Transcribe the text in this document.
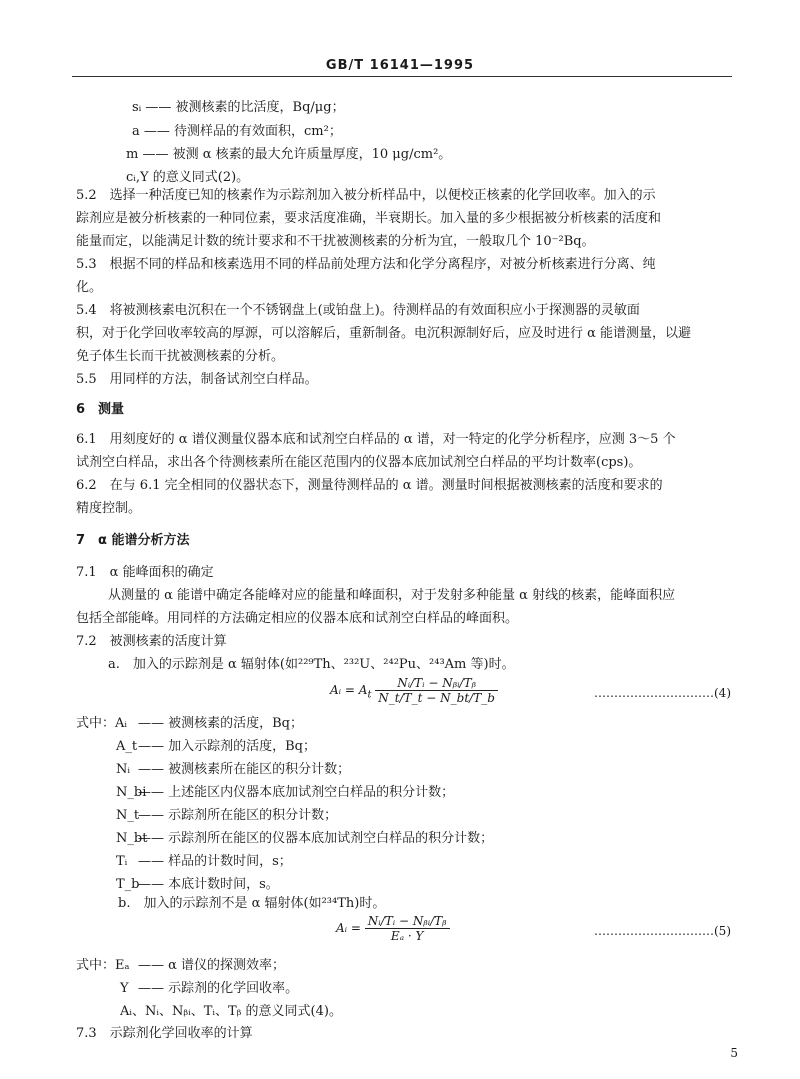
GB/T 16141—1995
sᵢ —— 被测核素的比活度，Bq/μg；
a —— 待测样品的有效面积，cm²；
m —— 被测 α 核素的最大允许质量厚度，10 μg/cm²。
cᵢ,Y 的意义同式(2)。
5.2　选择一种活度已知的核素作为示踪剂加入被分析样品中，以便校正核素的化学回收率。加入的示
踪剂应是被分析核素的一种同位素，要求活度准确，半衰期长。加入量的多少根据被分析核素的活度和
能量而定，以能满足计数的统计要求和不干扰被测核素的分析为宜，一般取几个 10⁻²Bq。
5.3　根据不同的样品和核素选用不同的样品前处理方法和化学分离程序，对被分析核素进行分离、纯
化。
5.4　将被测核素电沉积在一个不锈钢盘上(或铂盘上)。待测样品的有效面积应小于探测器的灵敏面
积，对于化学回收率较高的厚源，可以溶解后，重新制备。电沉积源制好后，应及时进行 α 能谱测量，以避
免子体生长而干扰被测核素的分析。
5.5　用同样的方法，制备试剂空白样品。
6　测量
6.1　用刻度好的 α 谱仪测量仪器本底和试剂空白样品的 α 谱，对一特定的化学分析程序，应测 3～5 个
试剂空白样品，求出各个待测核素所在能区范围内的仪器本底加试剂空白样品的平均计数率(cps)。
6.2　在与 6.1 完全相同的仪器状态下，测量待测样品的 α 谱。测量时间根据被测核素的活度和要求的
精度控制。
7　α 能谱分析方法
7.1　α 能峰面积的确定
从测量的 α 能谱中确定各能峰对应的能量和峰面积，对于发射多种能量 α 射线的核素，能峰面积应
包括全部能峰。用同样的方法确定相应的仪器本底和试剂空白样品的峰面积。
7.2　被测核素的活度计算
a.　加入的示踪剂是 α 辐射体(如²²⁹Th、²³²U、²⁴²Pu、²⁴³Am 等)时。
Aᵢ = $A_t \frac{\text{Nᵢ/Tᵢ − Nᵦᵢ/Tᵦ}}{N\_t/T\_t - N\_bt/T\_b}$	…………………………(4)
式中：Aᵢ —— 被测核素的活度，Bq；
A_t—— 加入示踪剂的活度，Bq；
Nᵢ —— 被测核素所在能区的积分计数；
N_bi—— 上述能区内仪器本底加试剂空白样品的积分计数；
N_t—— 示踪剂所在能区的积分计数；
N_bt—— 示踪剂所在能区的仪器本底加试剂空白样品的积分计数；
Tᵢ —— 样品的计数时间，s；
T_b—— 本底计数时间，s。
b.　加入的示踪剂不是 α 辐射体(如²³⁴Th)时。
Aᵢ = $\frac{\text{Nᵢ/Tᵢ − Nᵦᵢ/Tᵦ}}{\text{Eₐ · Y}}$	…………………………(5)
式中：Eₐ —— α 谱仪的探测效率；
Y —— 示踪剂的化学回收率。
Aᵢ、Nᵢ、Nᵦᵢ、Tᵢ、Tᵦ 的意义同式(4)。
7.3　示踪剂化学回收率的计算
5
